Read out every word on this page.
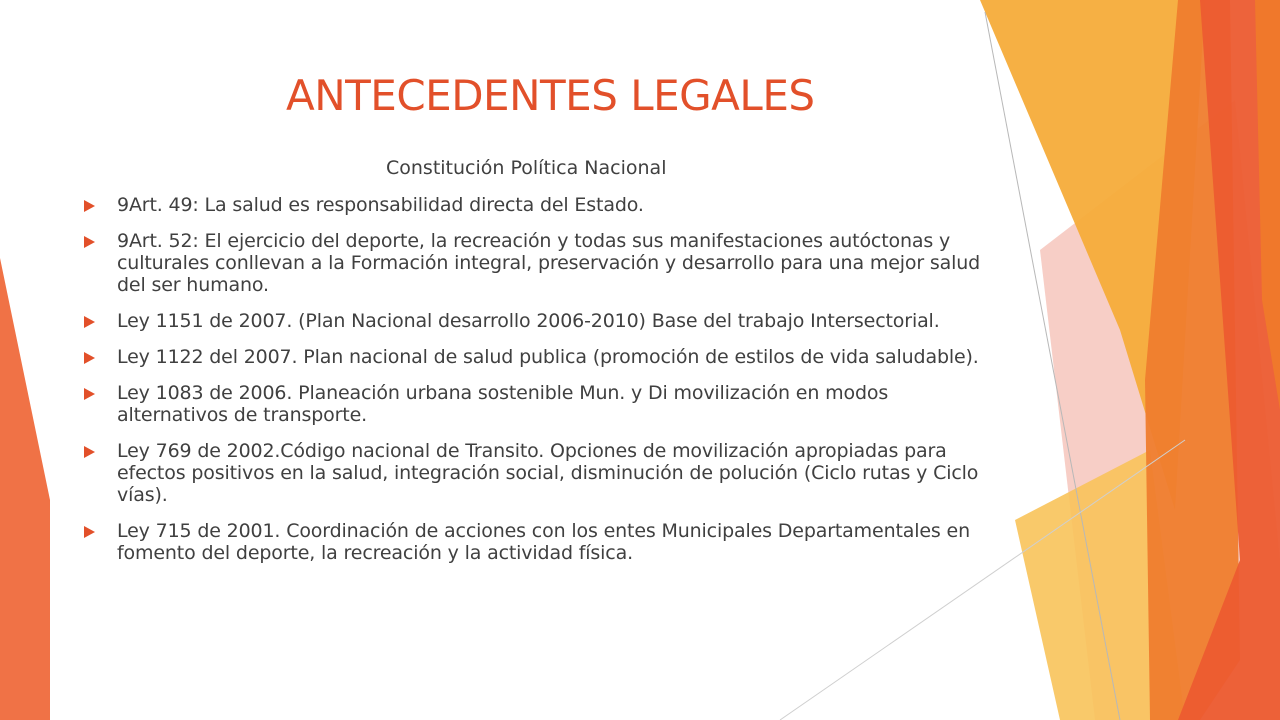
ANTECEDENTES LEGALES

Constitución Política Nacional

9Art. 49: La salud es responsabilidad directa del Estado.
9Art. 52: El ejercicio del deporte, la recreación y todas sus manifestaciones autóctonas y culturales conllevan a la Formación integral, preservación y desarrollo para una mejor salud del ser humano.
Ley 1151 de 2007. (Plan Nacional desarrollo 2006-2010) Base del trabajo Intersectorial.
Ley 1122 del 2007. Plan nacional de salud publica (promoción de estilos de vida saludable).
Ley 1083 de 2006. Planeación urbana sostenible Mun. y Di movilización en modos alternativos de transporte.
Ley 769 de 2002.Código nacional de Transito. Opciones de movilización apropiadas para efectos positivos en la salud, integración social, disminución de polución (Ciclo rutas y Ciclo vías).
Ley 715 de 2001. Coordinación de acciones con los entes Municipales Departamentales en fomento del deporte, la recreación y la actividad física.
